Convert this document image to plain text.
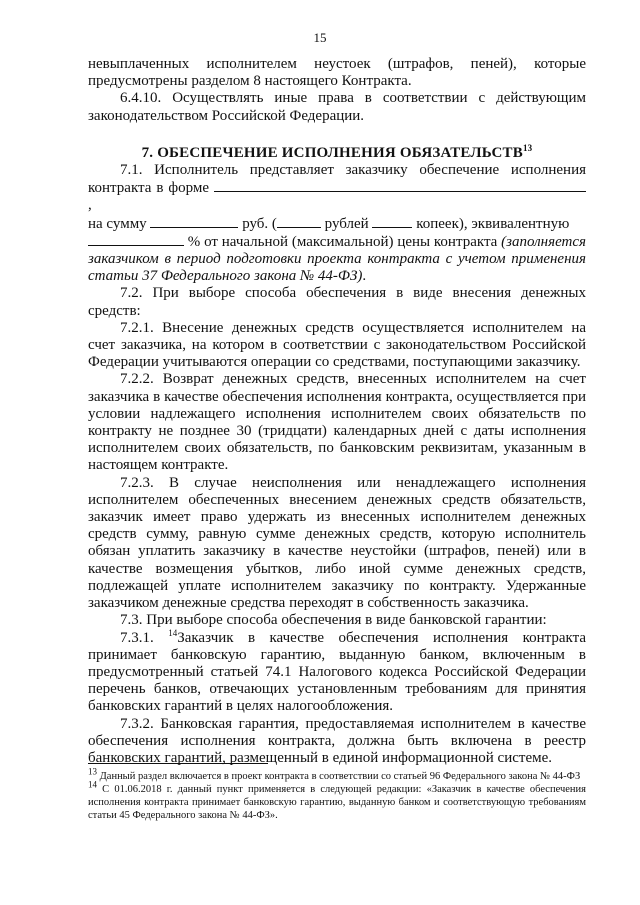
15

невыплаченных исполнителем неустоек (штрафов, пеней), которые предусмотрены разделом 8 настоящего Контракта.

6.4.10. Осуществлять иные права в соответствии с действующим законодательством Российской Федерации.

7. ОБЕСПЕЧЕНИЕ ИСПОЛНЕНИЯ ОБЯЗАТЕЛЬСТВ$^{13}$

7.1. Исполнитель представляет заказчику обеспечение исполнения контракта в форме ,
на сумму	руб. (	рублей	копеек), эквивалентную
% от начальной (максимальной) цены контракта (заполняется заказчиком в период подготовки проекта контракта с учетом применения статьи 37 Федерального закона № 44-ФЗ).

7.2. При выборе способа обеспечения в виде внесения денежных средств:

7.2.1. Внесение денежных средств осуществляется исполнителем на счет заказчика, на котором в соответствии с законодательством Российской Федерации учитываются операции со средствами, поступающими заказчику.

7.2.2. Возврат денежных средств, внесенных исполнителем на счет заказчика в качестве обеспечения исполнения контракта, осуществляется при условии надлежащего исполнения исполнителем своих обязательств по контракту не позднее 30 (тридцати) календарных дней с даты исполнения исполнителем своих обязательств, по банковским реквизитам, указанным в настоящем контракте.

7.2.3. В случае неисполнения или ненадлежащего исполнения исполнителем обеспеченных внесением денежных средств обязательств, заказчик имеет право удержать из внесенных исполнителем денежных средств сумму, равную сумме денежных средств, которую исполнитель обязан уплатить заказчику в качестве неустойки (штрафов, пеней) или в качестве возмещения убытков, либо иной сумме денежных средств, подлежащей уплате исполнителем заказчику по контракту. Удержанные заказчиком денежные средства переходят в собственность заказчика.

7.3. При выборе способа обеспечения в виде банковской гарантии:

7.3.1. $^{14}$Заказчик в качестве обеспечения исполнения контракта принимает банковскую гарантию, выданную банком, включенным в предусмотренный статьей 74.1 Налогового кодекса Российской Федерации перечень банков, отвечающих установленным требованиям для принятия банковских гарантий в целях налогообложения.

7.3.2. Банковская гарантия, предоставляемая исполнителем в качестве обеспечения исполнения контракта, должна быть включена в реестр банковских гарантий, размещенный в единой информационной системе.

$^{13}$ Данный раздел включается в проект контракта в соответствии со статьей 96 Федерального закона № 44-ФЗ

$^{14}$ С 01.06.2018 г. данный пункт применяется в следующей редакции: «Заказчик в качестве обеспечения исполнения контракта принимает банковскую гарантию, выданную банком и соответствующую требованиям статьи 45 Федерального закона № 44-ФЗ».
